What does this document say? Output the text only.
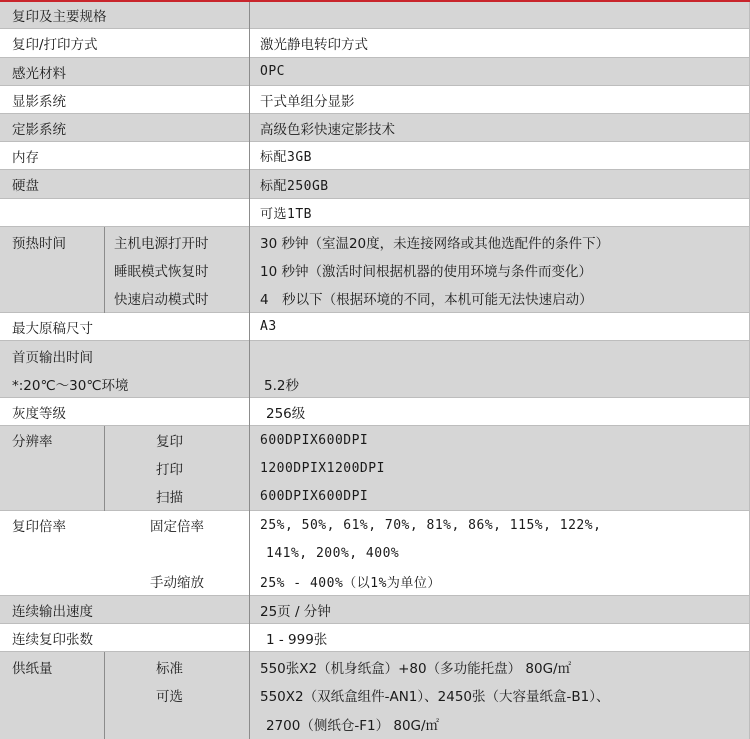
复印及主要规格
复印/打印方式	激光静电转印方式
感光材料	OPC
显影系统	干式单组分显影
定影系统	高级色彩快速定影技术
内存	标配3GB
硬盘	标配250GB
可选1TB
预热时间	主机电源打开时	30 秒钟（室温20度，未连接网络或其他选配件的条件下）
睡眠模式恢复时	10 秒钟（激活时间根据机器的使用环境与条件而变化）
快速启动模式时	4　秒以下（根据环境的不同，本机可能无法快速启动）
最大原稿尺寸	A3
首页输出时间
*:20℃～30℃环境	5.2秒
灰度等级	256级
分辨率	复印	600DPIX600DPI
打印	1200DPIX1200DPI
扫描	600DPIX600DPI
复印倍率	固定倍率	25%, 50%, 61%, 70%, 81%, 86%, 115%, 122%,
141%, 200%, 400%
手动缩放	25% - 400%（以1%为单位）
连续输出速度	25页 / 分钟
连续复印张数	1 - 999张
供纸量	标准	550张X2（机身纸盒）+80（多功能托盘） 80G/㎡
可选	550X2（双纸盒组件-AN1）、2450张（大容量纸盒-B1）、
2700（侧纸仓-F1） 80G/㎡
